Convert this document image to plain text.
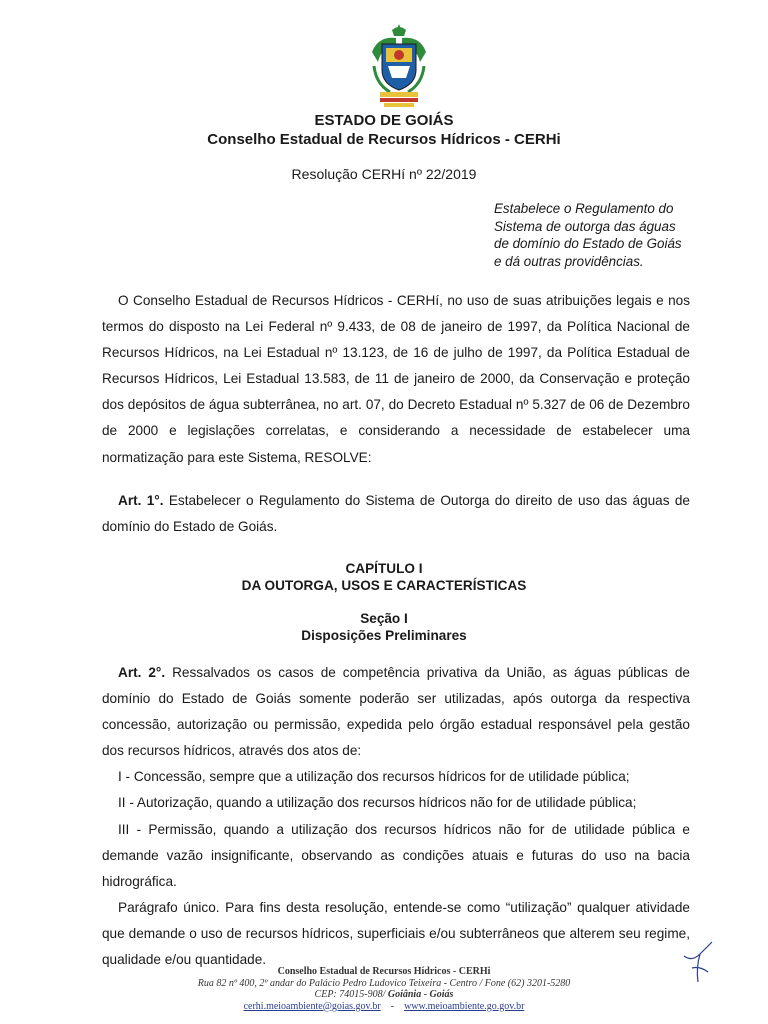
ESTADO DE GOIÁS
Conselho Estadual de Recursos Hídricos - CERHi
Resolução CERHí nº 22/2019
Estabelece o Regulamento do
Sistema de outorga das águas
de domínio do Estado de Goiás
e dá outras providências.

O Conselho Estadual de Recursos Hídricos - CERHí, no uso de suas atribuições legais e nos termos do disposto na Lei Federal nº 9.433, de 08 de janeiro de 1997, da Política Nacional de Recursos Hídricos, na Lei Estadual nº 13.123, de 16 de julho de 1997, da Política Estadual de Recursos Hídricos, Lei Estadual 13.583, de 11 de janeiro de 2000, da Conservação e proteção dos depósitos de água subterrânea, no art. 07, do Decreto Estadual nº 5.327 de 06 de Dezembro de 2000 e legislações correlatas, e considerando a necessidade de estabelecer uma normatização para este Sistema, RESOLVE:

Art. 1°. Estabelecer o Regulamento do Sistema de Outorga do direito de uso das águas de domínio do Estado de Goiás.

CAPÍTULO I
DA OUTORGA, USOS E CARACTERÍSTICAS
Seção I
Disposições Preliminares

Art. 2°. Ressalvados os casos de competência privativa da União, as águas públicas de domínio do Estado de Goiás somente poderão ser utilizadas, após outorga da respectiva concessão, autorização ou permissão, expedida pelo órgão estadual responsável pela gestão dos recursos hídricos, através dos atos de:

I - Concessão, sempre que a utilização dos recursos hídricos for de utilidade pública;

II - Autorização, quando a utilização dos recursos hídricos não for de utilidade pública;

III - Permissão, quando a utilização dos recursos hídricos não for de utilidade pública e demande vazão insignificante, observando as condições atuais e futuras do uso na bacia hidrográfica.

Parágrafo único. Para fins desta resolução, entende-se como “utilização” qualquer atividade que demande o uso de recursos hídricos, superficiais e/ou subterrâneos que alterem seu regime, qualidade e/ou quantidade.

Conselho Estadual de Recursos Hídricos - CERHi
Rua 82 nº 400, 2º andar do Palácio Pedro Ludovico Teixeira - Centro / Fone (62) 3201-5280
CEP: 74015-908/ Goiânia - Goiás
cerhi.meioambiente@goias.gov.br - www.meioambiente.go.gov.br
